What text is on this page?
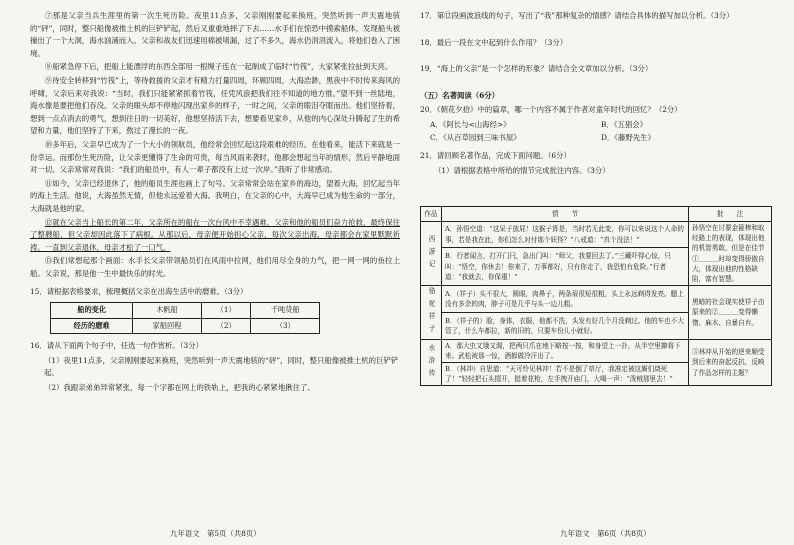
⑦那是父亲当兵生涯里的第一次生死历险。夜里11点多，父亲刚刚要起来换班，突然听到一声天震地骇的“砰”，同时，整只船像被推土机的巨铲铲起，然后又重重地摔了下去……水手们在惊恐中摸索船体，发现船头被撞出了一个大洞，海水汹涌而入。父亲和战友们迅速用棉被堵漏，过了不多久，海水仍涓涓流入，将他们卷入了困境。

⑧船紧急停下后，把船上能漂浮的东西全部用一根绳子连在一起制成了临时“竹筏”，大家紧张拉扯到天亮。

⑨待安全转移到“竹筏”上，等待救援的父亲才有精力打量四周，环顾四周，大海浩渺，黑夜中不时传来海风的呼啸，父亲后来对我说：“当时，我们只能紧紧抓着竹筏，任凭风浪把我们往不知道的地方推。”望不到一丝陆地，海水像是要把他们吞没。父亲的眼头却不停地闪现出家乡的样子，一时之间，父亲的眼泪夺眶而出。他们坚持着，想到一点点消去的勇气，想到往日的一切美好，他想坚持活下去，想要看见家乡，从他的内心深处升腾起了生的希望和力量，他们坚持了下来，熬过了漫长的一夜。

⑩多年后，父亲早已成为了一个大小的领航员，他经常会回忆起这段艰难的经历。在他看来，能活下来就是一份幸运。而那份生死历险，让父亲更懂得了生命的可贵，每当风雨来袭时，他都会想起当年的情形，然后平静地面对一切。父亲常常对我说：“我们的船员中，有人一辈子都没有上过一次岸。”我听了非常感动。

⑪如今，父亲已经退休了，他的船员生涯也画上了句号。父亲常常会站在家乡的海边，望着大海，回忆起当年的海上生活。他说，大海虽然无情，但他永远爱着大海。我明白，在父亲的心中，大海早已成为他生命的一部分，大海就是他的家。

⑫就在父亲当上船长的第二年，父亲所在的船在一次台风中不幸遇难，父亲和他的船员们奋力抢救，最终保住了整艘船，但父亲却因此落下了病根。从那以后，母亲便开始担心父亲，每次父亲出海，母亲都会在家里默默祈祷。一直到父亲退休，母亲才松了一口气。

⑬我们常想起那个画面：水手长父亲带领船员们在风雨中拉网，他们用尽全身的力气，把一网一网的鱼拉上船。父亲说，那是他一生中最快乐的时光。

15．请根据表格要求，梳理概括父亲在出海生活中的磨难。（3分）
船的变化	木帆船	（1）	千吨货船
经历的磨难	家船回程	（2）	（3）
16．请从下面两个句子中，任选一句作赏析。（3分）
（1）夜里11点多，父亲刚刚要起来换班，突然听到一声天震地骇的“砰”，同时，整只船像被推土机的巨铲铲起。
（2）我跟亲弟弟异常紧张，每一个字都在网上的铁轨上，把我的心紧紧地揪住了。
九年语文　第5页（共8页）
17．第⑫段画波浪线的句子，写出了“我”那种复杂的情感？请结合具体的描写加以分析。（3分）
18．最后一段在文中起到什么作用？（3分）
19．“海上的父亲”是一个怎样的形象？请结合全文章加以分析。（3分）
（五）名著阅读（6分）
20．《朝花夕拾》中的篇章，哪一个内容不属于作者对童年时代的回忆？（2分）
A．《阿长与<山海经>》	B．《五猖会》
C．《从百草园到三味书屋》	D．《藤野先生》
21．请回顾名著作品，完成下面问题。（6分）
（1）请根据表格中所给的情节完成批注内容。（3分）
作品	情　　节	批　　注
西游记	A．孙悟空道：“这呆子放屁！这猴子算是，当时若无此变，你可以来说这个人命的事，若是我在此，你们怎么对付那个妖怪？”八戒道：“真个没法！”	孙悟空在讨要金箍棒和取经路上的表现，体现出他的机智勇敢，但是在佳节①＿＿＿时却变得骄傲自大，体现出他的性格缺陷，富有智慧。
	B．行者闻言，打开门闩，急出门叫：“师父，我要回去了。”三藏吓得心惊，只叫：“悟空，你休去！你来了，万事都好，只有你走了，我恐怕有危险。”行者道：“我就去，你保重！”	
骆驼祥子	A．（祥子）头不很大，圆眼，肉鼻子，两条眉很短很粗，头上永远剃得发亮。腮上没有多余的肉，脖子可是几乎与头一边儿粗。	黑暗的社会现实使祥子由原来的②＿＿＿变得懒惰、麻木、自暴自弃。
	B．（祥子的）脸，身体，衣服，他都不洗，头发有好几个月没剃过。他的车也不大管了，什么车都拉，新的旧的，只要车份儿小就好。	
水浒传	A．那大虫又饿又渴，把两只爪在地下略按一按，和身望上一扑，从半空里撺将下来。武松被那一惊，酒都做冷汗出了。	③林冲从开始的逆来顺受到后来的奋起反抗，反映了作品怎样的主题？
	B．（林冲）自思道：“天可怜见林冲！若不是倒了草厅，我准定被这厮们烧死了！”轻轻把石头掇开，挺着花枪，左手拽开庙门，大喝一声：“泼贼那里去！”	
九年语文　第6页（共8页）
